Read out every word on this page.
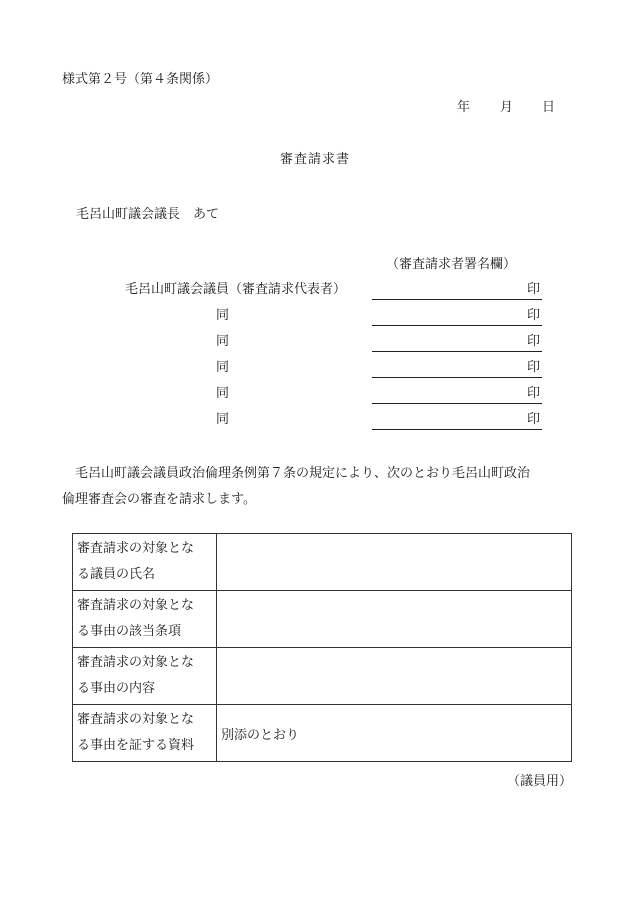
様式第２号（第４条関係）
年 月 日
審査請求書
毛呂山町議会議長　あて
（審査請求者署名欄）
毛呂山町議会議員（審査請求代表者）	印
同	印
同	印
同	印
同	印
同	印

　毛呂山町議会議員政治倫理条例第７条の規定により、次のとおり毛呂山町政治

倫理審査会の審査を請求します。

審査請求の対象とな
る議員の氏名	

審査請求の対象とな
る事由の該当条項	

審査請求の対象とな
る事由の内容	

審査請求の対象とな
る事由を証する資料	別添のとおり
（議員用）
